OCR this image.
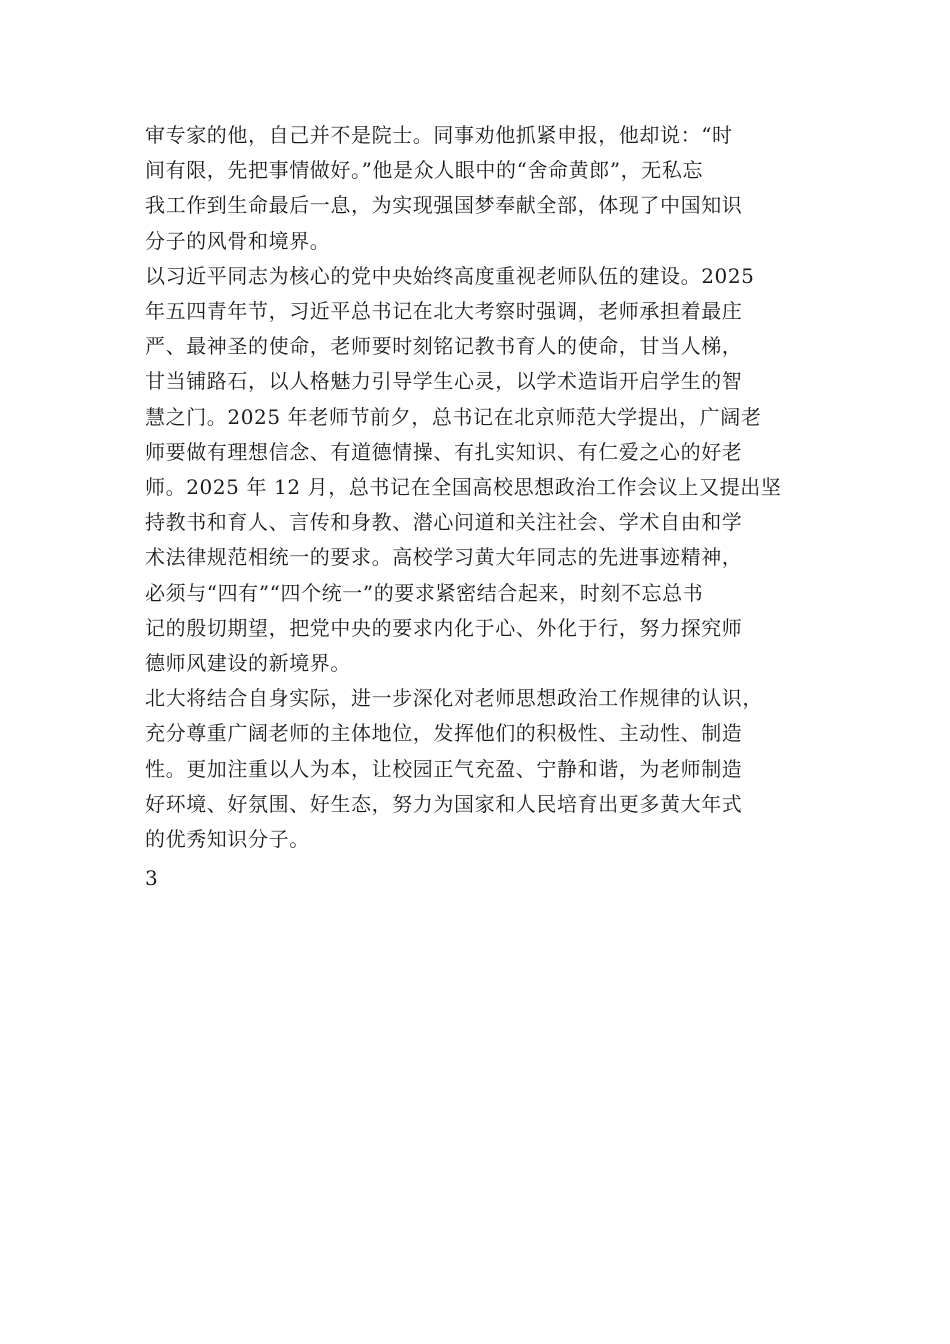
审专家的他，自己并不是院士。同事劝他抓紧申报，他却说：“时
间有限，先把事情做好。”他是众人眼中的“舍命黄郎”，无私忘
我工作到生命最后一息，为实现强国梦奉献全部，体现了中国知识
分子的风骨和境界。
以习近平同志为核心的党中央始终高度重视老师队伍的建设。2025
年五四青年节，习近平总书记在北大考察时强调，老师承担着最庄
严、最神圣的使命，老师要时刻铭记教书育人的使命，甘当人梯，
甘当铺路石，以人格魅力引导学生心灵，以学术造诣开启学生的智
慧之门。2025 年老师节前夕，总书记在北京师范大学提出，广阔老
师要做有理想信念、有道德情操、有扎实知识、有仁爱之心的好老
师。2025 年 12 月，总书记在全国高校思想政治工作会议上又提出坚
持教书和育人、言传和身教、潜心问道和关注社会、学术自由和学
术法律规范相统一的要求。高校学习黄大年同志的先进事迹精神，
必须与“四有”“四个统一”的要求紧密结合起来，时刻不忘总书
记的殷切期望，把党中央的要求内化于心、外化于行，努力探究师
德师风建设的新境界。
北大将结合自身实际，进一步深化对老师思想政治工作规律的认识，
充分尊重广阔老师的主体地位，发挥他们的积极性、主动性、制造
性。更加注重以人为本，让校园正气充盈、宁静和谐，为老师制造
好环境、好氛围、好生态，努力为国家和人民培育出更多黄大年式
的优秀知识分子。
3
